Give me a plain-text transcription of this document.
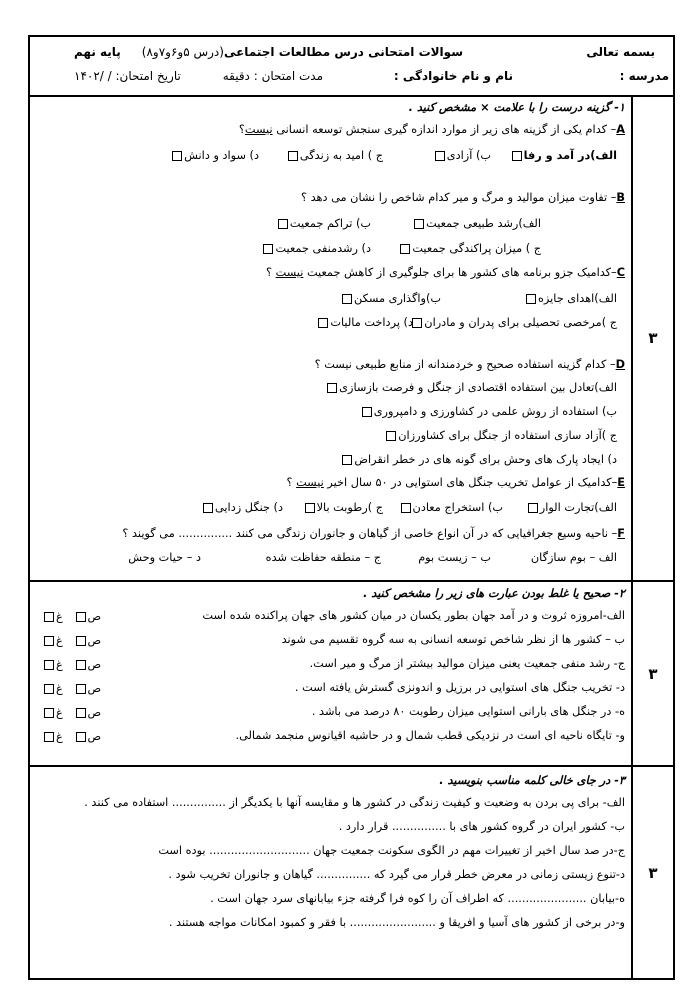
بسمه تعالی
سوالات امتحانی درس مطالعات اجتماعی(درس ۵و۶و۷و۸)
پایه نهم
مدرسه :
نام و نام خانوادگی :
مدت امتحان : دقیقه
تاریخ امتحان: / /۱۴۰۲
۳
۱- گزینه درست را با علامت × مشخص کنید .
A– کدام یکی از گزینه های زیر از موارد اندازه گیری سنجش توسعه انسانی نیست؟
الف)در آمد و رفا
ب) آزادی
ج ) امید به زندگی
د) سواد و دانش
B– تفاوت میزان موالید و مرگ و میر کدام شاخص را نشان می دهد ؟
الف)رشد طبیعی جمعیت
ب) تراکم جمعیت
ج ) میزان پراکندگی جمعیت
د) رشدمنفی جمعیت
C–کدامیک جزو برنامه های کشور ها برای جلوگیری از کاهش جمعیت نیست ؟
الف)اهدای جایزه
ب)واگذاری مسکن
ج )مرخصی تحصیلی برای پدران و مادران
د) پرداخت مالیات
D– کدام گزینه استفاده صحیح و خردمندانه از منابع طبیعی نیست ؟
الف)تعادل بین استفاده اقتصادی از جنگل و فرصت بازسازی
ب) استفاده از روش علمی در کشاورزی و دامپروری
ج )آزاد سازی استفاده از جنگل برای کشاورزان
د) ایجاد پارک های وحش برای گونه های در خطر انقراض
E–کدامیک از عوامل تخریب جنگل های استوایی در ۵۰ سال اخیر نیست ؟
الف)تجارت الوار
ب) استخراج معادن
ج )رطوبت بالا
د) جنگل زدایی
F– ناحیه وسیع جغرافیایی که در آن انواع خاصی از گیاهان و جانوران زندگی می کنند ............... می گویند ؟
الف – بوم سازگان
ب – زیست بوم
ج – منطقه حفاظت شده
د – حیات وحش
۳
۲- صحیح یا غلط بودن عبارت های زیر را مشخص کنید .
الف-امروزه ثروت و در آمد جهان بطور یکسان در میان کشور های جهان پراکنده شده است
ص   غ
ب – کشور ها از نظر شاخص توسعه انسانی به سه گروه تقسیم می شوند
ص   غ
ج- رشد منفی جمعیت یعنی میزان موالید بیشتر از مرگ و میر است.
ص   غ
د- تخریب جنگل های استوایی در برزیل و اندونزی گسترش یافته است .
ص   غ
ه- در جنگل های بارانی استوایی میزان رطوبت ۸۰ درصد می باشد .
ص   غ
و- تایگاه ناحیه ای است در نزدیکی قطب شمال و در حاشیه اقیانوس منجمد شمالی.
ص   غ
۳
۳- در جای خالی کلمه مناسب بنویسید .
الف- برای پی بردن به وضعیت و کیفیت زندگی در کشور ها و مقایسه آنها با یکدیگر از ............... استفاده می کنند .
ب- کشور ایران در گروه کشور های با ............... قرار دارد .
ج-در صد سال اخیر از تغییرات مهم در الگوی سکونت جمعیت جهان ............................ بوده است
د-تنوع زیستی زمانی در معرض خطر قرار می گیرد که ............... گیاهان و جانوران تخریب شود .
ه-بیابان ...................... که اطراف آن را کوه فرا گرفته جزء بیابانهای سرد جهان است .
و-در برخی از کشور های آسیا و افریقا و ........................ با فقر و کمبود امکانات مواجه هستند .
